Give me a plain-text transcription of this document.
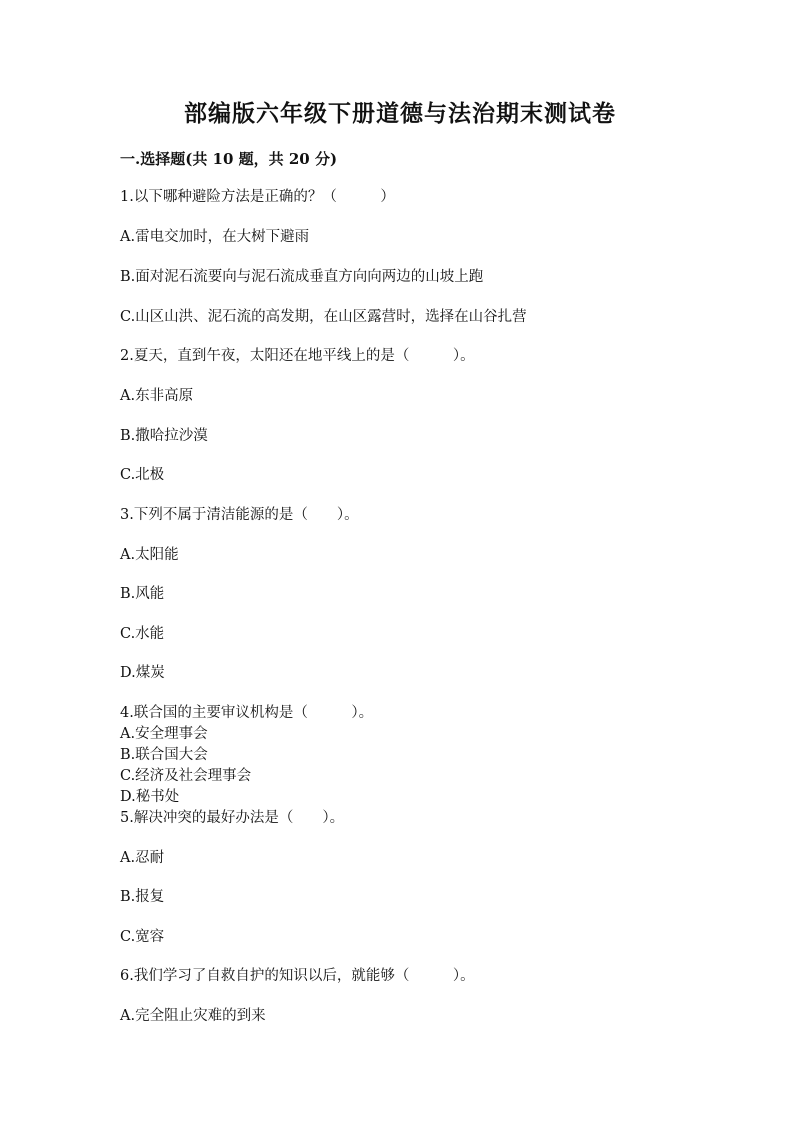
部编版六年级下册道德与法治期末测试卷
一.选择题(共 10 题，共 20 分)
1.以下哪种避险方法是正确的？（　　　）
A.雷电交加时，在大树下避雨
B.面对泥石流要向与泥石流成垂直方向向两边的山坡上跑
C.山区山洪、泥石流的高发期，在山区露营时，选择在山谷扎营
2.夏天，直到午夜，太阳还在地平线上的是（　　　）。
A.东非高原
B.撒哈拉沙漠
C.北极
3.下列不属于清洁能源的是（　　）。
A.太阳能
B.风能
C.水能
D.煤炭
4.联合国的主要审议机构是（　　　）。
A.安全理事会
B.联合国大会
C.经济及社会理事会
D.秘书处
5.解决冲突的最好办法是（　　）。
A.忍耐
B.报复
C.宽容
6.我们学习了自救自护的知识以后，就能够（　　　）。
A.完全阻止灾难的到来
